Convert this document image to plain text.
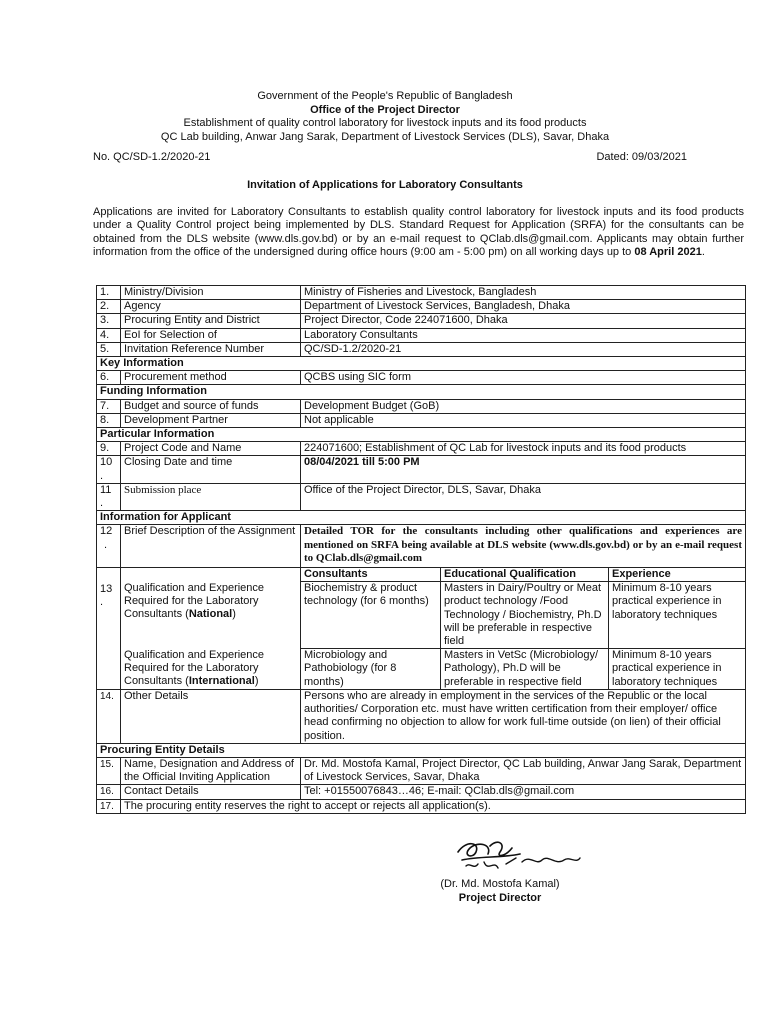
Government of the People's Republic of Bangladesh
Office of the Project Director
Establishment of quality control laboratory for livestock inputs and its food products
QC Lab building, Anwar Jang Sarak, Department of Livestock Services (DLS), Savar, Dhaka
No. QC/SD-1.2/2020-21	Dated: 09/03/2021
Invitation of Applications for Laboratory Consultants
Applications are invited for Laboratory Consultants to establish quality control laboratory for livestock inputs and its food products under a Quality Control project being implemented by DLS. Standard Request for Application (SRFA) for the consultants can be obtained from the DLS website (www.dls.gov.bd) or by an e-mail request to QClab.dls@gmail.com. Applicants may obtain further information from the office of the undersigned during office hours (9:00 am - 5:00 pm) on all working days up to 08 April 2021.
1.	Ministry/Division	Ministry of Fisheries and Livestock, Bangladesh		
2.	Agency	Department of Livestock Services, Bangladesh, Dhaka		
3.	Procuring Entity and District	Project Director, Code 224071600, Dhaka		
4.	EoI for Selection of	Laboratory Consultants		
5.	Invitation Reference Number	QC/SD-1.2/2020-21		
Key Information				
6.	Procurement method	QCBS using SIC form		
Funding Information				
7.	Budget and source of funds	Development Budget (GoB)		
8.	Development Partner	Not applicable		
Particular Information				
9.	Project Code and Name	224071600; Establishment of QC Lab for livestock inputs and its food products		

10
.	Closing Date and time	08/04/2021 till 5:00 PM		

11
.	Submission place	Office of the Project Director, DLS, Savar, Dhaka		
Information for Applicant				

12
.	Brief Description of the Assignment	Detailed TOR for the consultants including other qualifications and experiences are mentioned on SRFA being available at DLS website (www.dls.gov.bd) or by an e-mail request to QClab.dls@gmail.com		

13
.		Consultants	Educational Qualification	Experience
	Qualification and Experience Required for the Laboratory Consultants (National)	Biochemistry & product technology (for 6 months)	Masters in Dairy/Poultry or Meat product technology /Food Technology / Biochemistry, Ph.D will be preferable in respective field	Minimum 8-10 years practical experience in laboratory techniques
	Qualification and Experience Required for the Laboratory Consultants (International)	Microbiology and Pathobiology (for 8 months)	Masters in VetSc (Microbiology/ Pathology), Ph.D will be preferable in respective field	Minimum 8-10 years practical experience in laboratory techniques
14.	Other Details	Persons who are already in employment in the services of the Republic or the local authorities/ Corporation etc. must have written certification from their employer/ office head confirming no objection to allow for work full-time outside (on lien) of their official position.		
Procuring Entity Details				
15.	Name, Designation and Address of the Official Inviting Application	Dr. Md. Mostofa Kamal, Project Director, QC Lab building, Anwar Jang Sarak, Department of Livestock Services, Savar, Dhaka		
16.	Contact Details	Tel: +01550076843…46; E-mail: QClab.dls@gmail.com		
17.	The procuring entity reserves the right to accept or rejects all application(s).			
(Dr. Md. Mostofa Kamal)
Project Director
